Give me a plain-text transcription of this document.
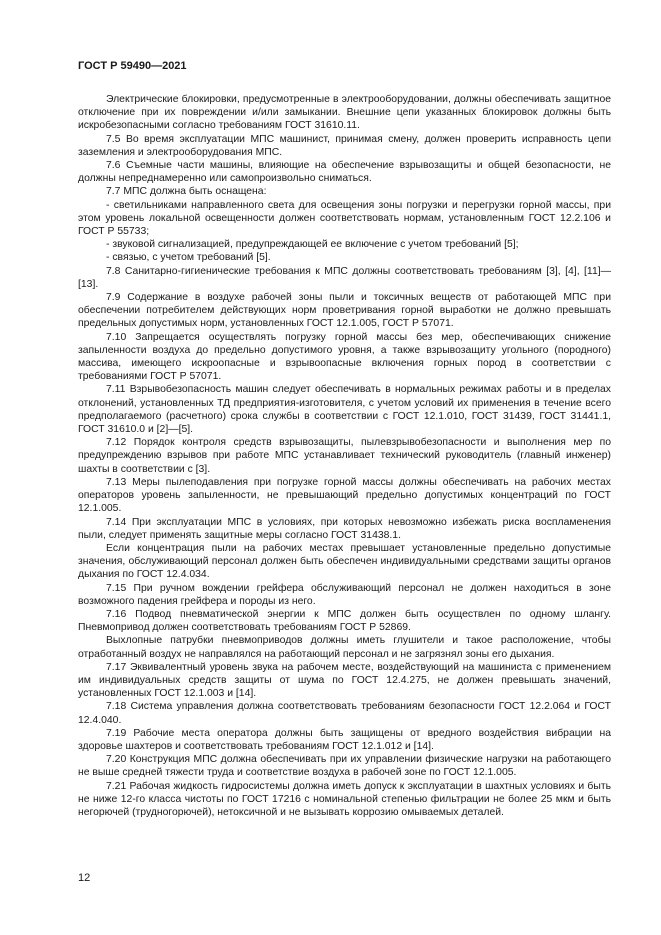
ГОСТ Р 59490—2021

Электрические блокировки, предусмотренные в электрооборудовании, должны обеспечивать защитное отключение при их повреждении и/или замыкании. Внешние цепи указанных блокировок должны быть искробезопасными согласно требованиям ГОСТ 31610.11.

7.5 Во время эксплуатации МПС машинист, принимая смену, должен проверить исправность цепи заземления и электрооборудования МПС.

7.6 Съемные части машины, влияющие на обеспечение взрывозащиты и общей безопасности, не должны непреднамеренно или самопроизвольно сниматься.

7.7 МПС должна быть оснащена:

- светильниками направленного света для освещения зоны погрузки и перегрузки горной массы, при этом уровень локальной освещенности должен соответствовать нормам, установленным ГОСТ 12.2.106 и ГОСТ Р 55733;

- звуковой сигнализацией, предупреждающей ее включение с учетом требований [5];

- связью, с учетом требований [5].

7.8 Санитарно-гигиенические требования к МПС должны соответствовать требованиям [3], [4], [11]—[13].

7.9 Содержание в воздухе рабочей зоны пыли и токсичных веществ от работающей МПС при обеспечении потребителем действующих норм проветривания горной выработки не должно превышать предельных допустимых норм, установленных ГОСТ 12.1.005, ГОСТ Р 57071.

7.10 Запрещается осуществлять погрузку горной массы без мер, обеспечивающих снижение запыленности воздуха до предельно допустимого уровня, а также взрывозащиту угольного (породного) массива, имеющего искроопасные и взрывоопасные включения горных пород в соответствии с требованиями ГОСТ Р 57071.

7.11 Взрывобезопасность машин следует обеспечивать в нормальных режимах работы и в пределах отклонений, установленных ТД предприятия-изготовителя, с учетом условий их применения в течение всего предполагаемого (расчетного) срока службы в соответствии с ГОСТ 12.1.010, ГОСТ 31439, ГОСТ 31441.1, ГОСТ 31610.0 и [2]—[5].

7.12 Порядок контроля средств взрывозащиты, пылевзрывобезопасности и выполнения мер по предупреждению взрывов при работе МПС устанавливает технический руководитель (главный инженер) шахты в соответствии с [3].

7.13 Меры пылеподавления при погрузке горной массы должны обеспечивать на рабочих местах операторов уровень запыленности, не превышающий предельно допустимых концентраций по ГОСТ 12.1.005.

7.14 При эксплуатации МПС в условиях, при которых невозможно избежать риска воспламенения пыли, следует применять защитные меры согласно ГОСТ 31438.1.

Если концентрация пыли на рабочих местах превышает установленные предельно допустимые значения, обслуживающий персонал должен быть обеспечен индивидуальными средствами защиты органов дыхания по ГОСТ 12.4.034.

7.15 При ручном вождении грейфера обслуживающий персонал не должен находиться в зоне возможного падения грейфера и породы из него.

7.16 Подвод пневматической энергии к МПС должен быть осуществлен по одному шлангу. Пневмопривод должен соответствовать требованиям ГОСТ Р 52869.

Выхлопные патрубки пневмоприводов должны иметь глушители и такое расположение, чтобы отработанный воздух не направлялся на работающий персонал и не загрязнял зоны его дыхания.

7.17 Эквивалентный уровень звука на рабочем месте, воздействующий на машиниста с применением им индивидуальных средств защиты от шума по ГОСТ 12.4.275, не должен превышать значений, установленных ГОСТ 12.1.003 и [14].

7.18 Система управления должна соответствовать требованиям безопасности ГОСТ 12.2.064 и ГОСТ 12.4.040.

7.19 Рабочие места оператора должны быть защищены от вредного воздействия вибрации на здоровье шахтеров и соответствовать требованиям ГОСТ 12.1.012 и [14].

7.20 Конструкция МПС должна обеспечивать при их управлении физические нагрузки на работающего не выше средней тяжести труда и соответствие воздуха в рабочей зоне по ГОСТ 12.1.005.

7.21 Рабочая жидкость гидросистемы должна иметь допуск к эксплуатации в шахтных условиях и быть не ниже 12-го класса чистоты по ГОСТ 17216 с номинальной степенью фильтрации не более 25 мкм и быть негорючей (трудногорючей), нетоксичной и не вызывать коррозию омываемых деталей.

12
